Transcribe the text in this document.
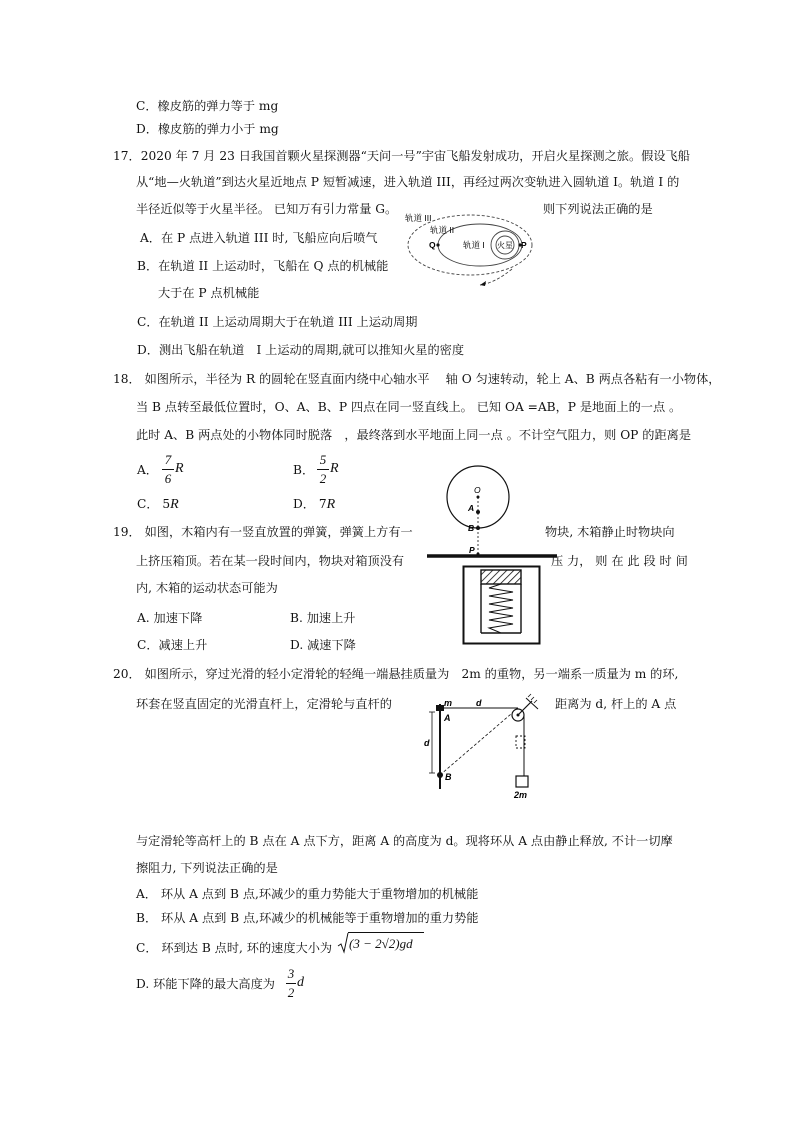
C．橡皮筋的弹力等于 mg
D．橡皮筋的弹力小于 mg
17．2020 年 7 月 23 日我国首颗火星探测器“天问一号”宇宙飞船发射成功，开启火星探测之旅。假设飞船
从“地—火轨道”到达火星近地点 P 短暂减速，进入轨道 III，再经过两次变轨进入圆轨道 I。轨道 I 的
半径近似等于火星半径。 已知万有引力常量 G。	则下列说法正确的是
A．在 P 点进入轨道 III 时, 飞船应向后喷气
B．在轨道 II 上运动时，飞船在 Q 点的机械能
大于在 P 点机械能
C．在轨道 II 上运动周期大于在轨道 III 上运动周期
D．测出飞船在轨道　I 上运动的周期,就可以推知火星的密度
轨道 III
轨道 II
轨道 I 火星
Q	P
18． 如图所示，半径为 R 的圆轮在竖直面内绕中心轴水平　 轴 O 匀速转动，轮上 A、B 两点各粘有一小物体，
当 B 点转至最低位置时，O、A、B、P 四点在同一竖直线上。 已知 OA =AB，P 是地面上的一点 。
此时 A、B 两点处的小物体同时脱落　，最终落到水平地面上同一点 。不计空气阻力，则 OP 的距离是
A．
7
6
R	B．
5
2
R
C． 5R	D． 7R
O
A
B
P
19． 如图，木箱内有一竖直放置的弹簧，弹簧上方有一	物块, 木箱静止时物块向
上挤压箱顶。若在某一段时间内，物块对箱顶没有	压 力， 则 在 此 段 时 间
内, 木箱的运动状态可能为
A. 加速下降	B. 加速上升
C．减速上升	D. 减速下降
20． 如图所示，穿过光滑的轻小定滑轮的轻绳一端悬挂质量为　2m 的重物，另一端系一质量为 m 的环,
环套在竖直固定的光滑直杆上，定滑轮与直杆的	距离为 d, 杆上的 A 点
m
A
d
d
B
2m
与定滑轮等高杆上的 B 点在 A 点下方，距离 A 的高度为 d。现将环从 A 点由静止释放, 不计一切摩
擦阻力, 下列说法正确的是
A． 环从 A 点到 B 点,环减少的重力势能大于重物增加的机械能
B． 环从 A 点到 B 点,环减少的机械能等于重物增加的重力势能
C． 环到达 B 点时, 环的速度大小为 (3 − 2√2)gd
D. 环能下降的最大高度为
3
2
d
